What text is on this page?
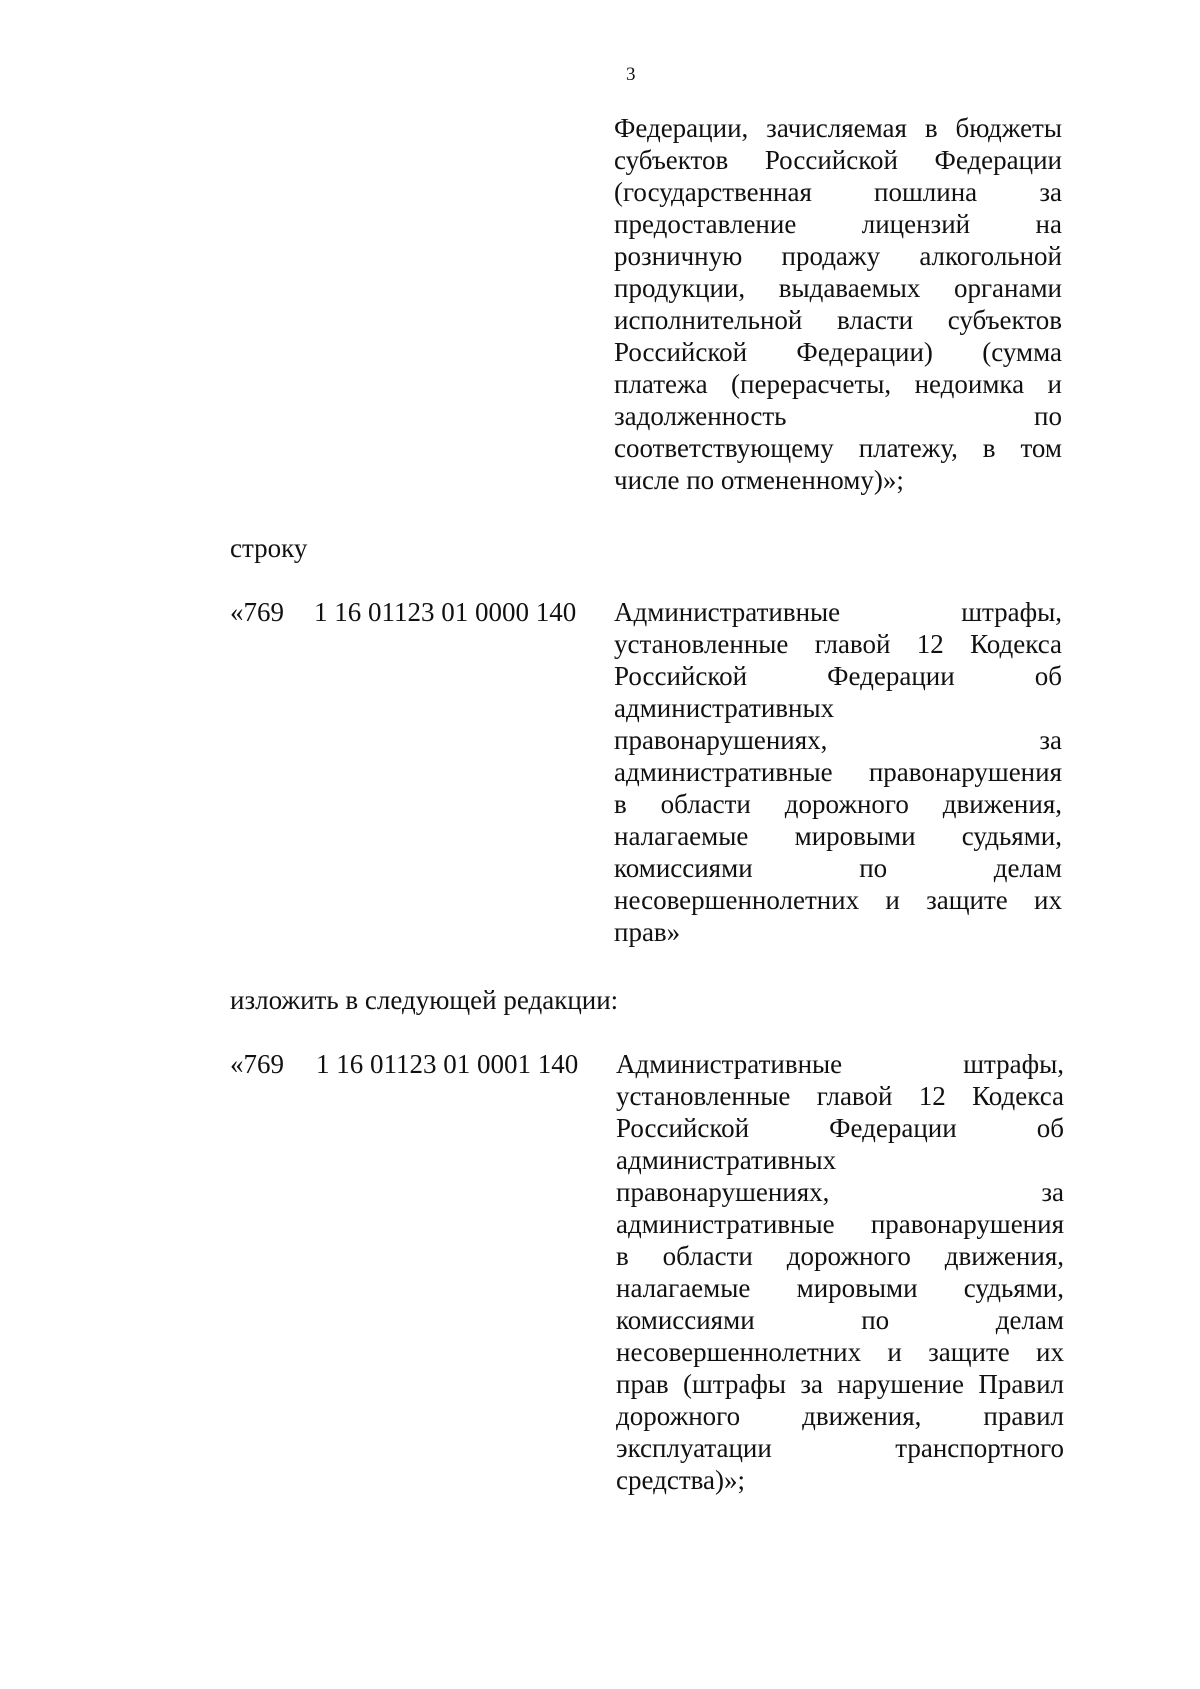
3
Федерации, зачисляемая в бюджеты
субъектов Российской Федерации
(государственная пошлина за
предоставление лицензий на
розничную продажу алкогольной
продукции, выдаваемых органами
исполнительной власти субъектов
Российской Федерации) (сумма
платежа (перерасчеты, недоимка и
задолженность по
соответствующему платежу, в том
числе по отмененному)»;
строку
«769 1 16 01123 01 0000 140 Административные штрафы,
установленные главой 12 Кодекса
Российской Федерации об
административных
правонарушениях, за
административные правонарушения
в области дорожного движения,
налагаемые мировыми судьями,
комиссиями по делам
несовершеннолетних и защите их
прав»
изложить в следующей редакции:
«769 1 16 01123 01 0001 140 Административные штрафы,
установленные главой 12 Кодекса
Российской Федерации об
административных
правонарушениях, за
административные правонарушения
в области дорожного движения,
налагаемые мировыми судьями,
комиссиями по делам
несовершеннолетних и защите их
прав (штрафы за нарушение Правил
дорожного движения, правил
эксплуатации транспортного
средства)»;
